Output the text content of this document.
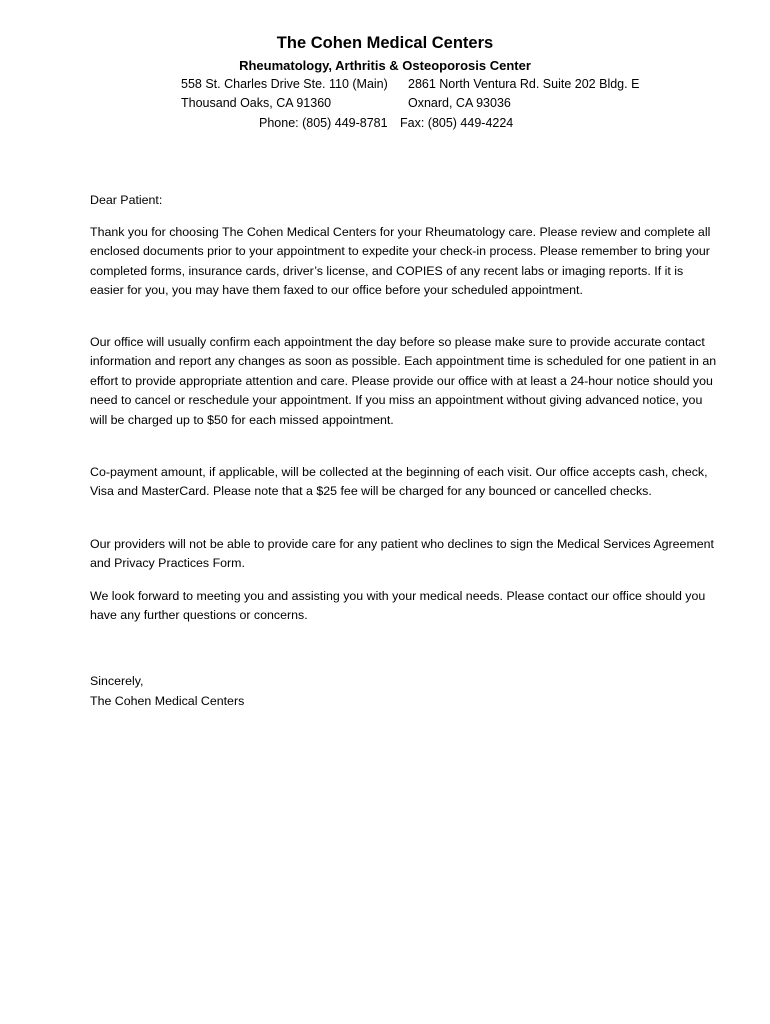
The Cohen Medical Centers
Rheumatology, Arthritis & Osteoporosis Center
558 St. Charles Drive Ste. 110 (Main)
Thousand Oaks, CA 91360
2861 North Ventura Rd. Suite 202 Bldg. E
Oxnard, CA 93036
Phone: (805) 449-8781 Fax: (805) 449-4224
Dear Patient:

Thank you for choosing The Cohen Medical Centers for your Rheumatology care. Please review and complete all enclosed documents prior to your appointment to expedite your check-in process. Please remember to bring your completed forms, insurance cards, driver’s license, and COPIES of any recent labs or imaging reports. If it is easier for you, you may have them faxed to our office before your scheduled appointment.

Our office will usually confirm each appointment the day before so please make sure to provide accurate contact information and report any changes as soon as possible. Each appointment time is scheduled for one patient in an effort to provide appropriate attention and care. Please provide our office with at least a 24-hour notice should you need to cancel or reschedule your appointment. If you miss an appointment without giving advanced notice, you will be charged up to $50 for each missed appointment.

Co-payment amount, if applicable, will be collected at the beginning of each visit. Our office accepts cash, check, Visa and MasterCard. Please note that a $25 fee will be charged for any bounced or cancelled checks.

Our providers will not be able to provide care for any patient who declines to sign the Medical Services Agreement and Privacy Practices Form.

We look forward to meeting you and assisting you with your medical needs. Please contact our office should you have any further questions or concerns.

Sincerely,
The Cohen Medical Centers
